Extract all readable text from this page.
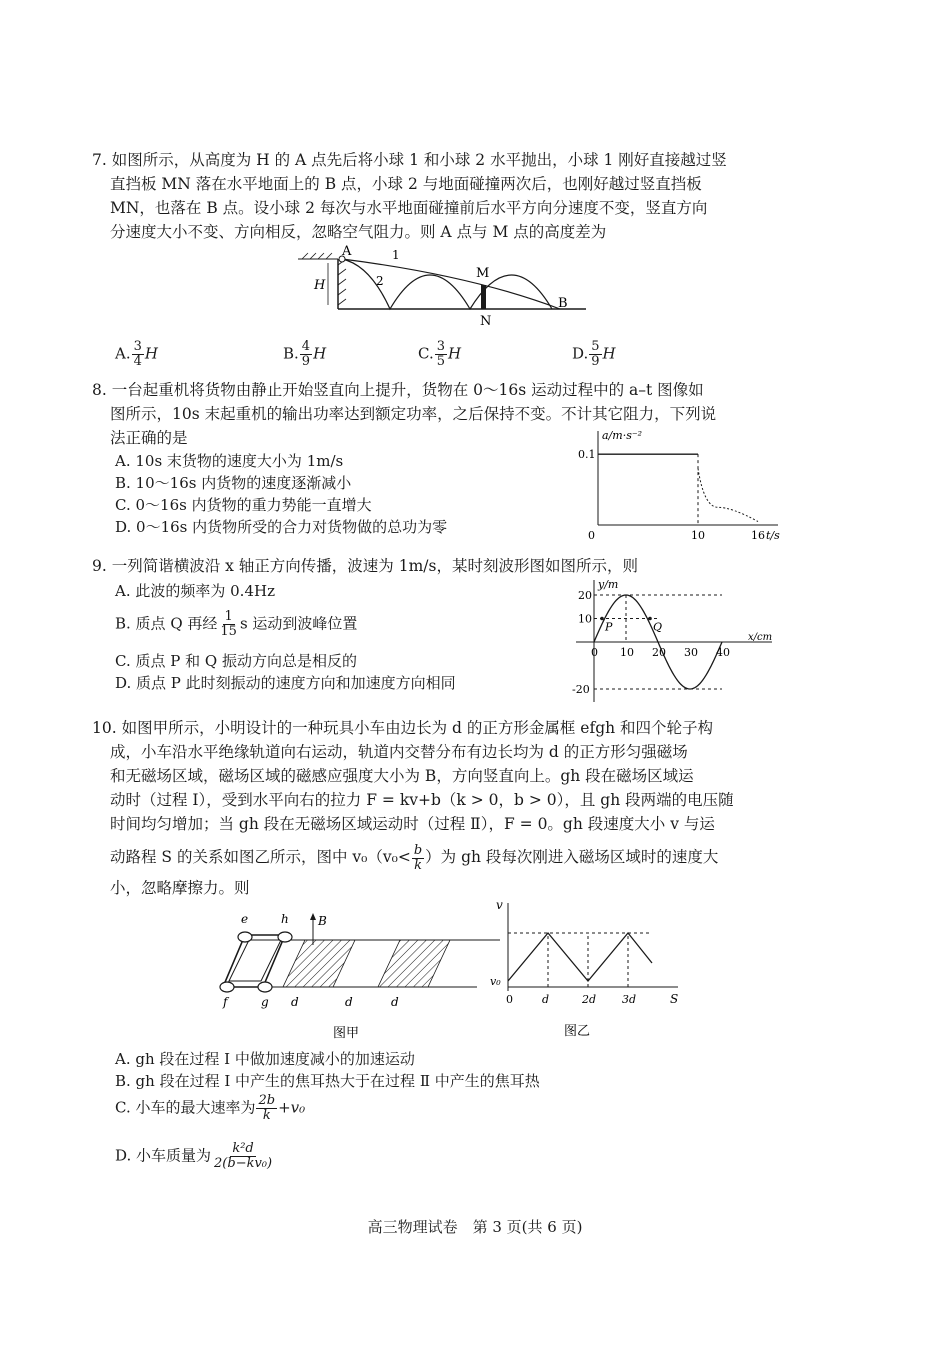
7. 如图所示，从高度为 H 的 A 点先后将小球 1 和小球 2 水平抛出，小球 1 刚好直接越过竖
直挡板 MN 落在水平地面上的 B 点，小球 2 与地面碰撞两次后，也刚好越过竖直挡板
MN，也落在 B 点。设小球 2 每次与水平地面碰撞前后水平方向分速度不变，竖直方向
分速度大小不变、方向相反，忽略空气阻力。则 A 点与 M 点的高度差为
H
A	1
2	M
N
B
A. $\frac{3}{4}$ H	B. $\frac{4}{9}$ H	C. $\frac{3}{5}$ H	D. $\frac{5}{9}$ H
8. 一台起重机将货物由静止开始竖直向上提升，货物在 0～16s 运动过程中的 a–t 图像如
图所示，10s 末起重机的输出功率达到额定功率，之后保持不变。不计其它阻力，下列说
法正确的是
A. 10s 末货物的速度大小为 1m/s
B. 10～16s 内货物的速度逐渐减小
C. 0～16s 内货物的重力势能一直增大
D. 0～16s 内货物所受的合力对货物做的总功为零
a/m·s⁻²
t/s
0.1
0	10	16
9. 一列简谐横波沿 x 轴正方向传播，波速为 1m/s，某时刻波形图如图所示，则
A. 此波的频率为 0.4Hz
B. 质点 Q 再经 $\frac{1}{15}$ s 运动到波峰位置
C. 质点 P 和 Q 振动方向总是相反的
D. 质点 P 此时刻振动的速度方向和加速度方向相同
y/m
x/cm
20
10
-20
0 10 20 30 40
P	Q
10. 如图甲所示，小明设计的一种玩具小车由边长为 d 的正方形金属框 efgh 和四个轮子构
成，小车沿水平绝缘轨道向右运动，轨道内交替分布有边长均为 d 的正方形匀强磁场
和无磁场区域，磁场区域的磁感应强度大小为 B，方向竖直向上。gh 段在磁场区域运
动时（过程 Ⅰ），受到水平向右的拉力 F = kv+b（k > 0，b > 0），且 gh 段两端的电压随
时间均匀增加；当 gh 段在无磁场区域运动时（过程 Ⅱ），F = 0。gh 段速度大小 v 与运
动路程 S 的关系如图乙所示，图中 $v_0(v_0< \frac{b}{k}$ ）为 gh 段每次刚进入磁场区域时的速度大
小，忽略摩擦力。则
B
e	h
f	g d	d	d
图甲
v
S
v₀
0	d	2d 3d
图乙
A. gh 段在过程 Ⅰ 中做加速度减小的加速运动
B. gh 段在过程 Ⅰ 中产生的焦耳热大于在过程 Ⅱ 中产生的焦耳热
C. 小车的最大速率为 $\frac{2b}{k} +v_0$
D. 小车质量为 $\frac{\text{k²d}}{\text{2(b−kv₀)}}$
高三物理试卷　第 3 页(共 6 页)
